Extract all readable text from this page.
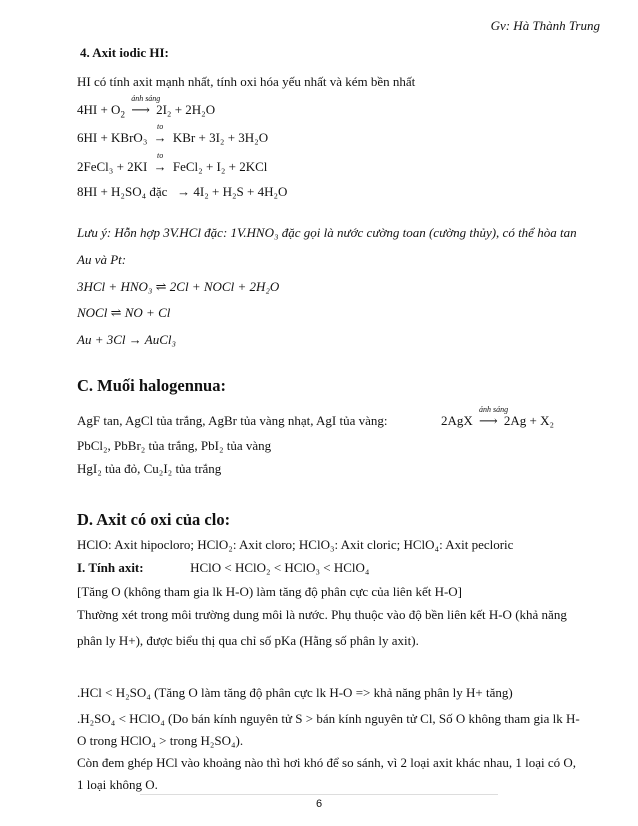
Gv: Hà Thành Trung
4. Axit iodic HI:
HI có tính axit mạnh nhất, tính oxi hóa yếu nhất và kém bền nhất
$4HI + O_2$
ánh sáng
⟶ 2I₂ + 2H₂O
6HI + KBrO₃
to
→ KBr + 3I₂ + 3H₂O
2FeCl₃ + 2KI
to
→ FeCl₂ + I₂ + 2KCl
8HI + H₂SO₄ đặc → 4I₂ + H₂S + 4H₂O
Lưu ý: Hỗn hợp 3V.HCl đặc: 1V.HNO₃ đặc gọi là nước cường toan (cường thủy), có thể hòa tan
Au và Pt:
3HCl + HNO₃ ⇌ 2Cl + NOCl + 2H₂O
NOCl ⇌ NO + Cl
Au + 3Cl → AuCl₃
C. Muối halogennua:
AgF tan, AgCl tủa trắng, AgBr tủa vàng nhạt, AgI tủa vàng:	2AgX
ánh sáng
⟶ 2Ag + X₂
PbCl₂, PbBr₂ tủa trắng, PbI₂ tủa vàng
HgI₂ tủa đỏ, Cu₂I₂ tủa trắng
D. Axit có oxi của clo:
HClO: Axit hipocloro; HClO₂: Axit cloro; HClO₃: Axit cloric; HClO₄: Axit pecloric
I. Tính axit:	HClO < HClO₂ < HClO₃ < HClO₄
[Tăng O (không tham gia lk H-O) làm tăng độ phân cực của liên kết H-O]
Thường xét trong môi trường dung môi là nước. Phụ thuộc vào độ bền liên kết H-O (khả năng
phân ly H+), được biểu thị qua chỉ số pKa (Hằng số phân ly axit).
.HCl < H₂SO₄ (Tăng O làm tăng độ phân cực lk H-O => khả năng phân ly H+ tăng)
.H₂SO₄ < HClO₄ (Do bán kính nguyên tử S > bán kính nguyên tử Cl, Số O không tham gia lk H-
O trong HClO₄ > trong H₂SO₄).
Còn đem ghép HCl vào khoảng nào thì hơi khó để so sánh, vì 2 loại axit khác nhau, 1 loại có O,
1 loại không O.
6
